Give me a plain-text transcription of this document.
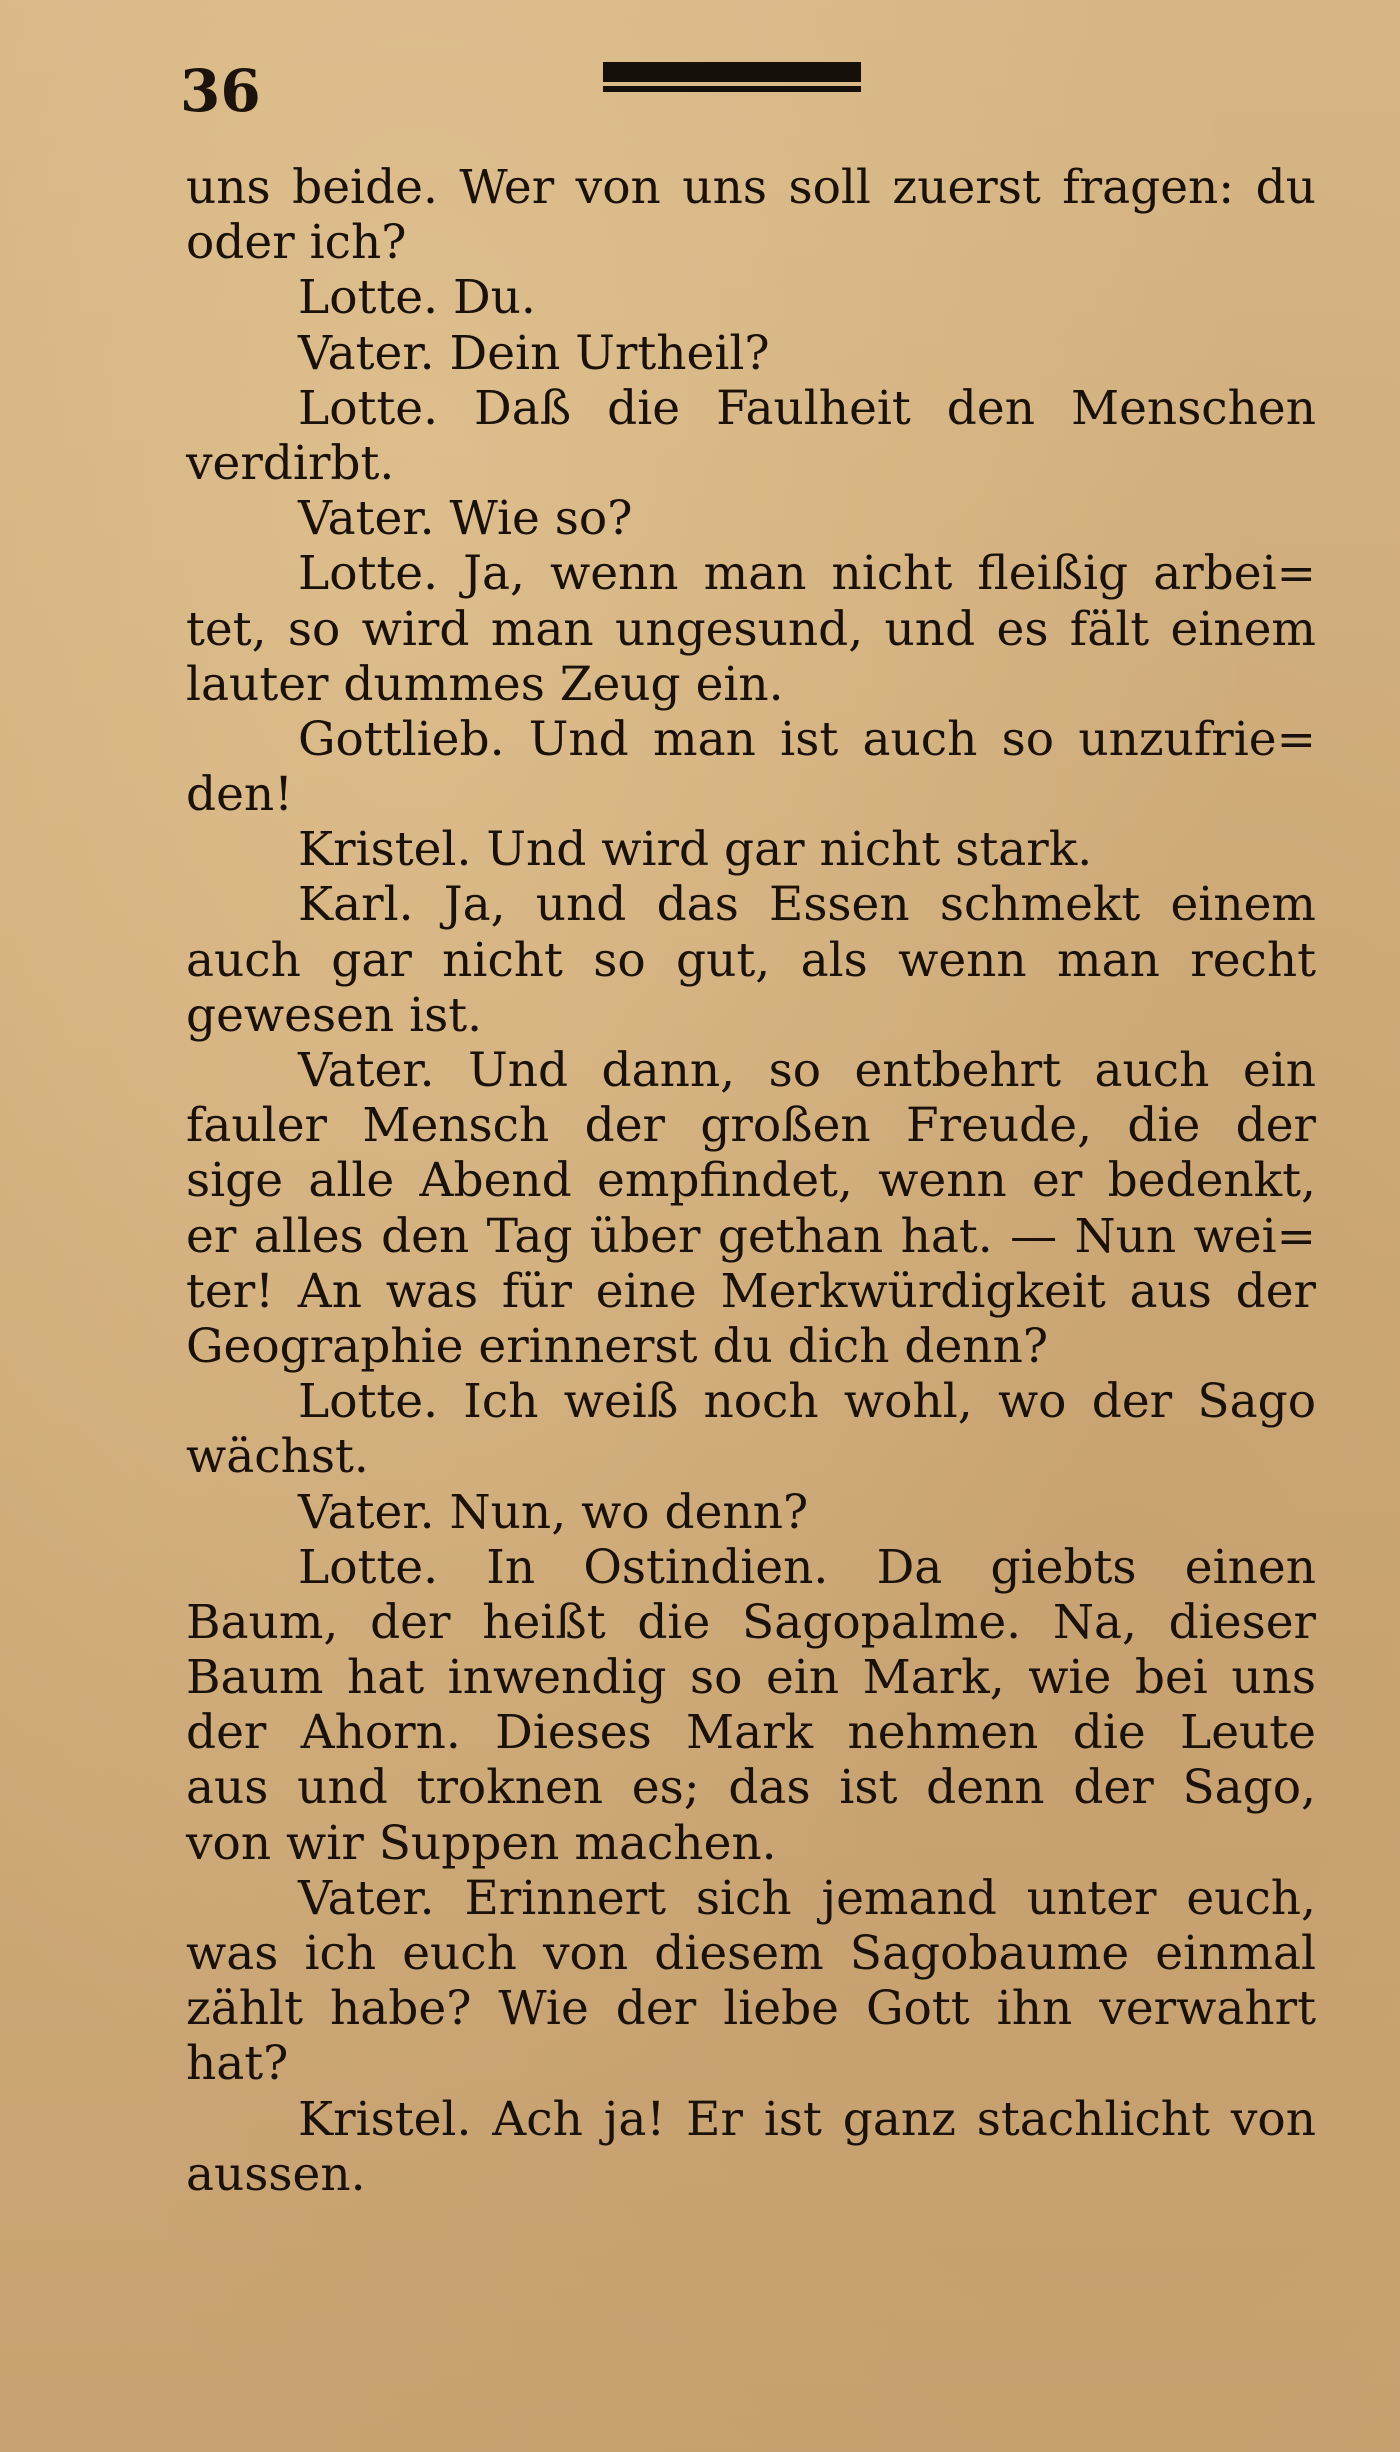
36
uns beide. Wer von uns soll zuerst fragen: du
oder ich?
Lotte. Du.
Vater. Dein Urtheil?
Lotte. Daß die Faulheit den Menschen
verdirbt.
Vater. Wie so?
Lotte. Ja, wenn man nicht fleißig arbei=
tet, so wird man ungesund, und es fält einem
lauter dummes Zeug ein.
Gottlieb. Und man ist auch so unzufrie=
den!
Kristel. Und wird gar nicht stark.
Karl. Ja, und das Essen schmekt einem
auch gar nicht so gut, als wenn man recht
gewesen ist.
Vater. Und dann, so entbehrt auch ein
fauler Mensch der großen Freude, die der
sige alle Abend empfindet, wenn er bedenkt,
er alles den Tag über gethan hat. — Nun wei=
ter! An was für eine Merkwürdigkeit aus der
Geographie erinnerst du dich denn?
Lotte. Ich weiß noch wohl, wo der Sago
wächst.
Vater. Nun, wo denn?
Lotte. In Ostindien. Da giebts einen
Baum, der heißt die Sagopalme. Na, dieser
Baum hat inwendig so ein Mark, wie bei uns
der Ahorn. Dieses Mark nehmen die Leute
aus und troknen es; das ist denn der Sago,
von wir Suppen machen.
Vater. Erinnert sich jemand unter euch,
was ich euch von diesem Sagobaume einmal
zählt habe? Wie der liebe Gott ihn verwahrt
hat?
Kristel. Ach ja! Er ist ganz stachlicht von
aussen.
